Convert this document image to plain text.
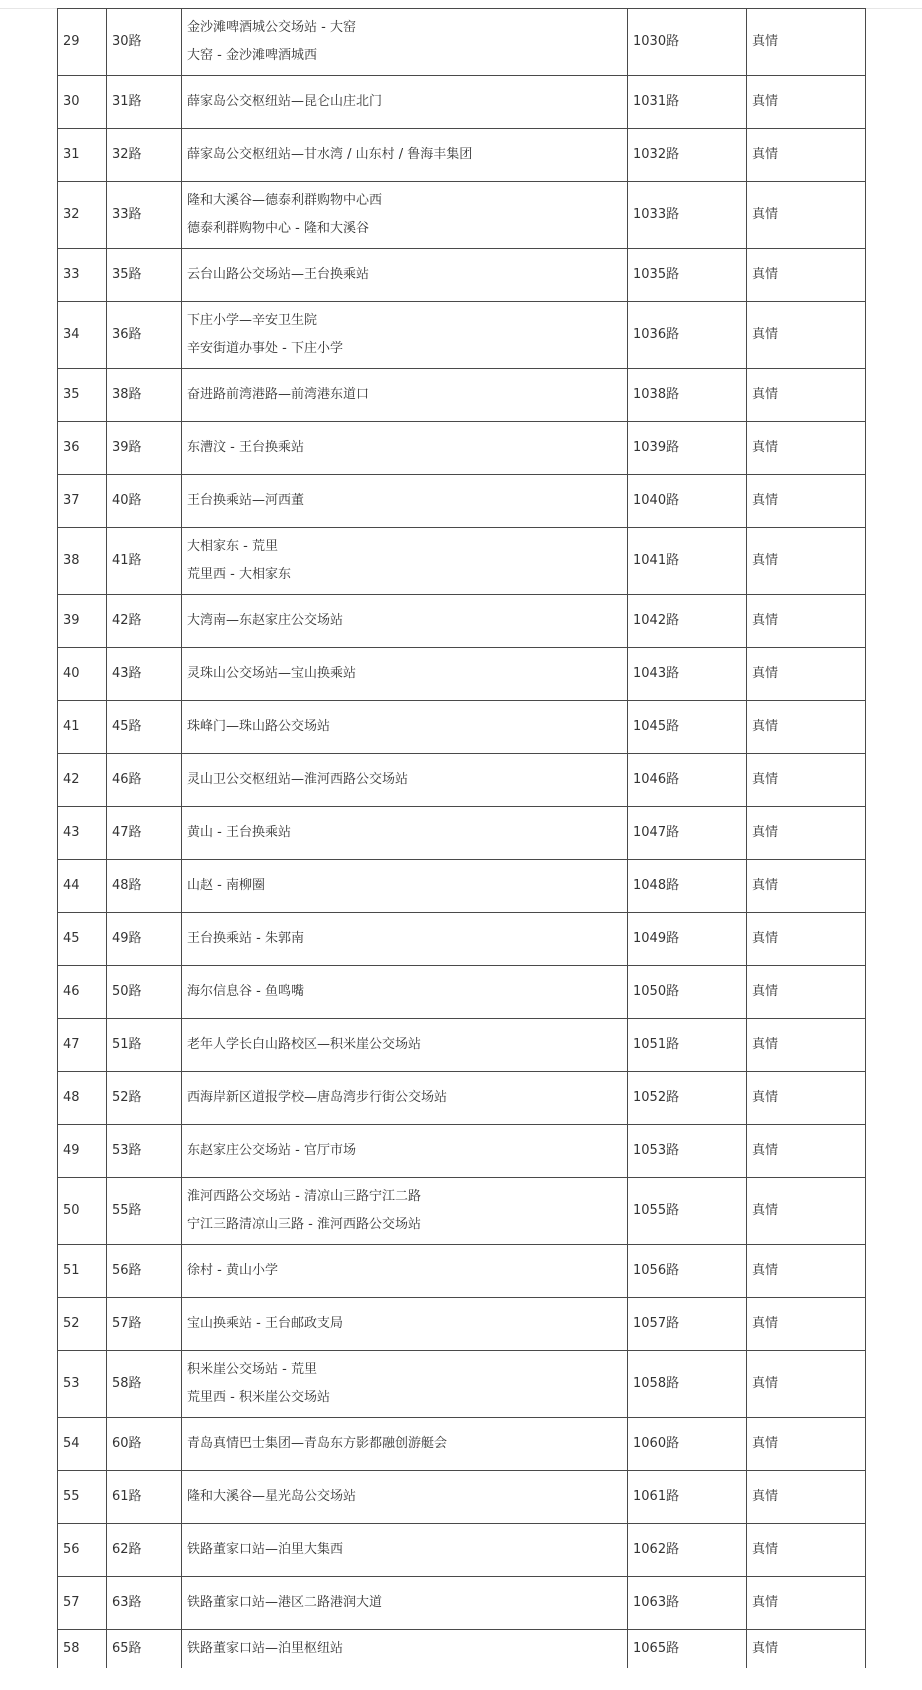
29	30路	金沙滩啤酒城公交场站 - 大窑
大窑 - 金沙滩啤酒城西	1030路	真情
30	31路	薛家岛公交枢纽站—昆仑山庄北门	1031路	真情
31	32路	薛家岛公交枢纽站—甘水湾 / 山东村 / 鲁海丰集团	1032路	真情
32	33路	隆和大溪谷—德泰利群购物中心西
德泰利群购物中心 - 隆和大溪谷	1033路	真情
33	35路	云台山路公交场站—王台换乘站	1035路	真情
34	36路	下庄小学—辛安卫生院
辛安街道办事处 - 下庄小学	1036路	真情
35	38路	奋进路前湾港路—前湾港东道口	1038路	真情
36	39路	东漕汶 - 王台换乘站	1039路	真情
37	40路	王台换乘站—河西董	1040路	真情
38	41路	大相家东 - 荒里
荒里西 - 大相家东	1041路	真情
39	42路	大湾南—东赵家庄公交场站	1042路	真情
40	43路	灵珠山公交场站—宝山换乘站	1043路	真情
41	45路	珠峰门—珠山路公交场站	1045路	真情
42	46路	灵山卫公交枢纽站—淮河西路公交场站	1046路	真情
43	47路	黄山 - 王台换乘站	1047路	真情
44	48路	山赵 - 南柳圈	1048路	真情
45	49路	王台换乘站 - 朱郭南	1049路	真情
46	50路	海尔信息谷 - 鱼鸣嘴	1050路	真情
47	51路	老年人学长白山路校区—积米崖公交场站	1051路	真情
48	52路	西海岸新区道报学校—唐岛湾步行街公交场站	1052路	真情
49	53路	东赵家庄公交场站 - 官厅市场	1053路	真情
50	55路	淮河西路公交场站 - 清凉山三路宁江二路
宁江三路清凉山三路 - 淮河西路公交场站	1055路	真情
51	56路	徐村 - 黄山小学	1056路	真情
52	57路	宝山换乘站 - 王台邮政支局	1057路	真情
53	58路	积米崖公交场站 - 荒里
荒里西 - 积米崖公交场站	1058路	真情
54	60路	青岛真情巴士集团—青岛东方影都融创游艇会	1060路	真情
55	61路	隆和大溪谷—星光岛公交场站	1061路	真情
56	62路	铁路董家口站—泊里大集西	1062路	真情
57	63路	铁路董家口站—港区二路港润大道	1063路	真情
58	65路	铁路董家口站—泊里枢纽站	1065路	真情
